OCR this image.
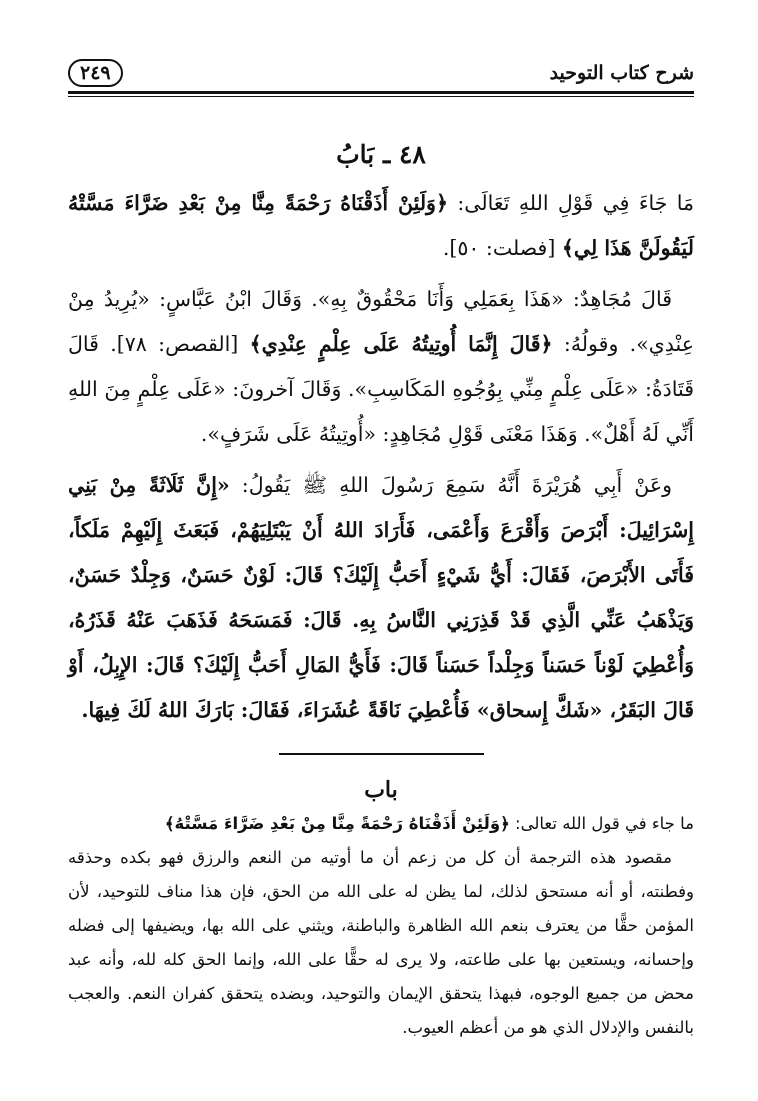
شرح كتاب التوحيد
٢٤٩
٤٨ ـ بَابُ

مَا جَاءَ فِي قَوْلِ اللهِ تَعَالَى: ﴿وَلَئِنْ أَذَقْنَاهُ رَحْمَةً مِنَّا مِنْ بَعْدِ ضَرَّاءَ مَسَّتْهُ لَيَقُولَنَّ هَذَا لِي﴾ [فصلت: ٥٠].

قَالَ مُجَاهِدٌ: «هَذَا بِعَمَلِي وَأَنَا مَحْقُوقٌ بِهِ». وَقَالَ ابْنُ عَبَّاسٍ: «يُرِيدُ مِنْ عِنْدِي». وقولُهُ: ﴿قَالَ إِنَّمَا أُوتِيتُهُ عَلَى عِلْمٍ عِنْدِي﴾ [القصص: ٧٨]. قَالَ قَتَادَةُ: «عَلَى عِلْمٍ مِنِّي بِوُجُوهِ المَكَاسِبِ». وَقَالَ آخرونَ: «عَلَى عِلْمٍ مِنَ اللهِ أَنِّي لَهُ أَهْلٌ». وَهَذَا مَعْنَى قَوْلِ مُجَاهِدٍ: «أُوتِيتُهُ عَلَى شَرَفٍ».

وعَنْ أَبِي هُرَيْرَةَ أَنَّهُ سَمِعَ رَسُولَ اللهِ ﷺ يَقُولُ: «إِنَّ ثَلَاثَةً مِنْ بَنِي إِسْرَائِيلَ: أَبْرَصَ وَأَقْرَعَ وَأَعْمَى، فَأَرَادَ اللهُ أَنْ يَبْتَلِيَهُمْ، فَبَعَثَ إِلَيْهِمْ مَلَكاً، فَأَتَى الأَبْرَصَ، فَقَالَ: أَيُّ شَيْءٍ أَحَبُّ إِلَيْكَ؟ قَالَ: لَوْنٌ حَسَنٌ، وَجِلْدٌ حَسَنٌ، وَيَذْهَبُ عَنِّي الَّذِي قَدْ قَذِرَنِي النَّاسُ بِهِ. قَالَ: فَمَسَحَهُ فَذَهَبَ عَنْهُ قَذَرُهُ، وَأُعْطِيَ لَوْناً حَسَناً وَجِلْداً حَسَناً قَالَ: فَأَيُّ المَالِ أَحَبُّ إِلَيْكَ؟ قَالَ: الإِبِلُ، أَوْ قَالَ البَقَرُ، «شَكَّ إِسحاق» فَأُعْطِيَ نَاقَةً عُشَرَاءَ، فَقَالَ: بَارَكَ اللهُ لَكَ فِيهَا.

باب

ما جاء في قول الله تعالى: ﴿وَلَئِنْ أَذَقْنَاهُ رَحْمَةً مِنَّا مِنْ بَعْدِ ضَرَّاءَ مَسَّتْهُ﴾

مقصود هذه الترجمة أن كل من زعم أن ما أوتيه من النعم والرزق فهو بكده وحذقه وفطنته، أو أنه مستحق لذلك، لما يظن له على الله من الحق، فإن هذا مناف للتوحيد، لأن المؤمن حقًّا من يعترف بنعم الله الظاهرة والباطنة، ويثني على الله بها، ويضيفها إلى فضله وإحسانه، ويستعين بها على طاعته، ولا يرى له حقًّا على الله، وإنما الحق كله لله، وأنه عبد محض من جميع الوجوه، فبهذا يتحقق الإيمان والتوحيد، وبضده يتحقق كفران النعم. والعجب بالنفس والإدلال الذي هو من أعظم العيوب.
